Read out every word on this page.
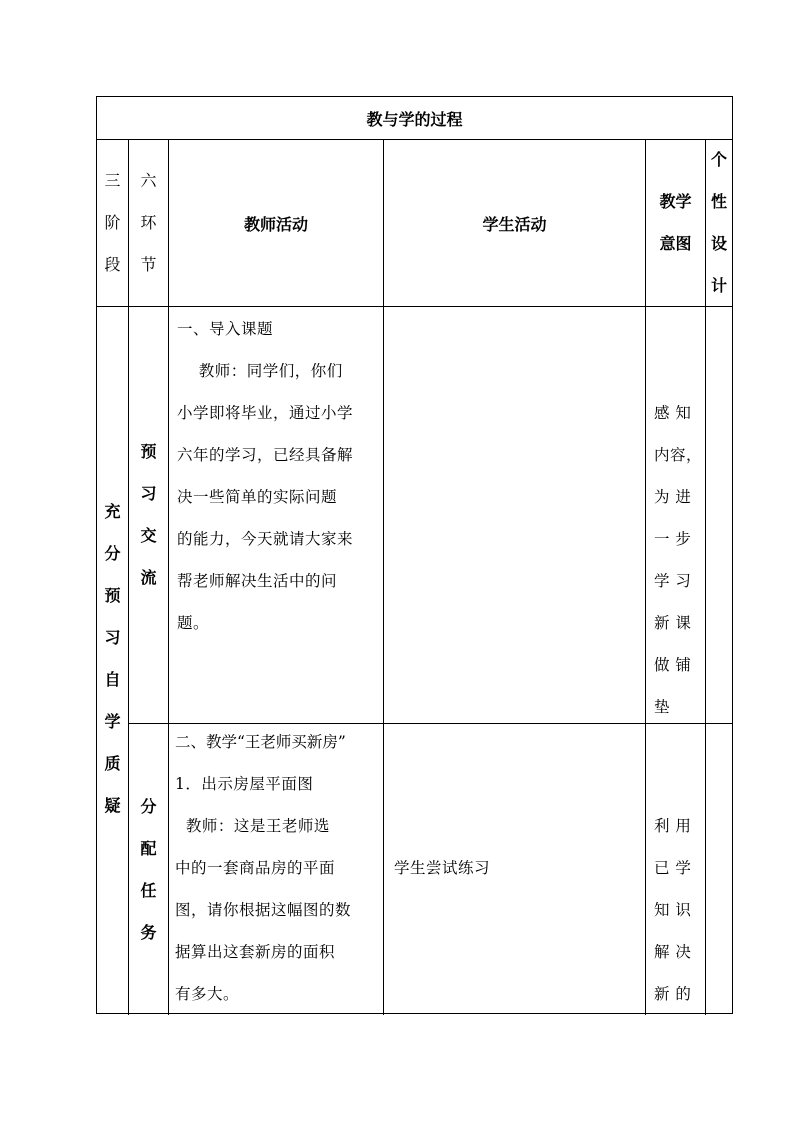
教与学的过程
三
阶
段
六
环
节
教师活动	学生活动
教学
意图
个
性
设
计
充
分
预
习
自
学
质
疑
预
习
交
流
一、导入课题
教师：同学们，你们
小学即将毕业，通过小学
六年的学习，已经具备解
决一些简单的实际问题
的能力，今天就请大家来
帮老师解决生活中的问
题。
感 知
内容，
为 进
一 步
学 习
新 课
做 铺
垫
分
配
任
务
二、教学“王老师买新房”
1．出示房屋平面图
教师：这是王老师选
中的一套商品房的平面
图，请你根据这幅图的数
据算出这套新房的面积
有多大。
学生尝试练习
利 用
已 学
知 识
解 决
新 的
